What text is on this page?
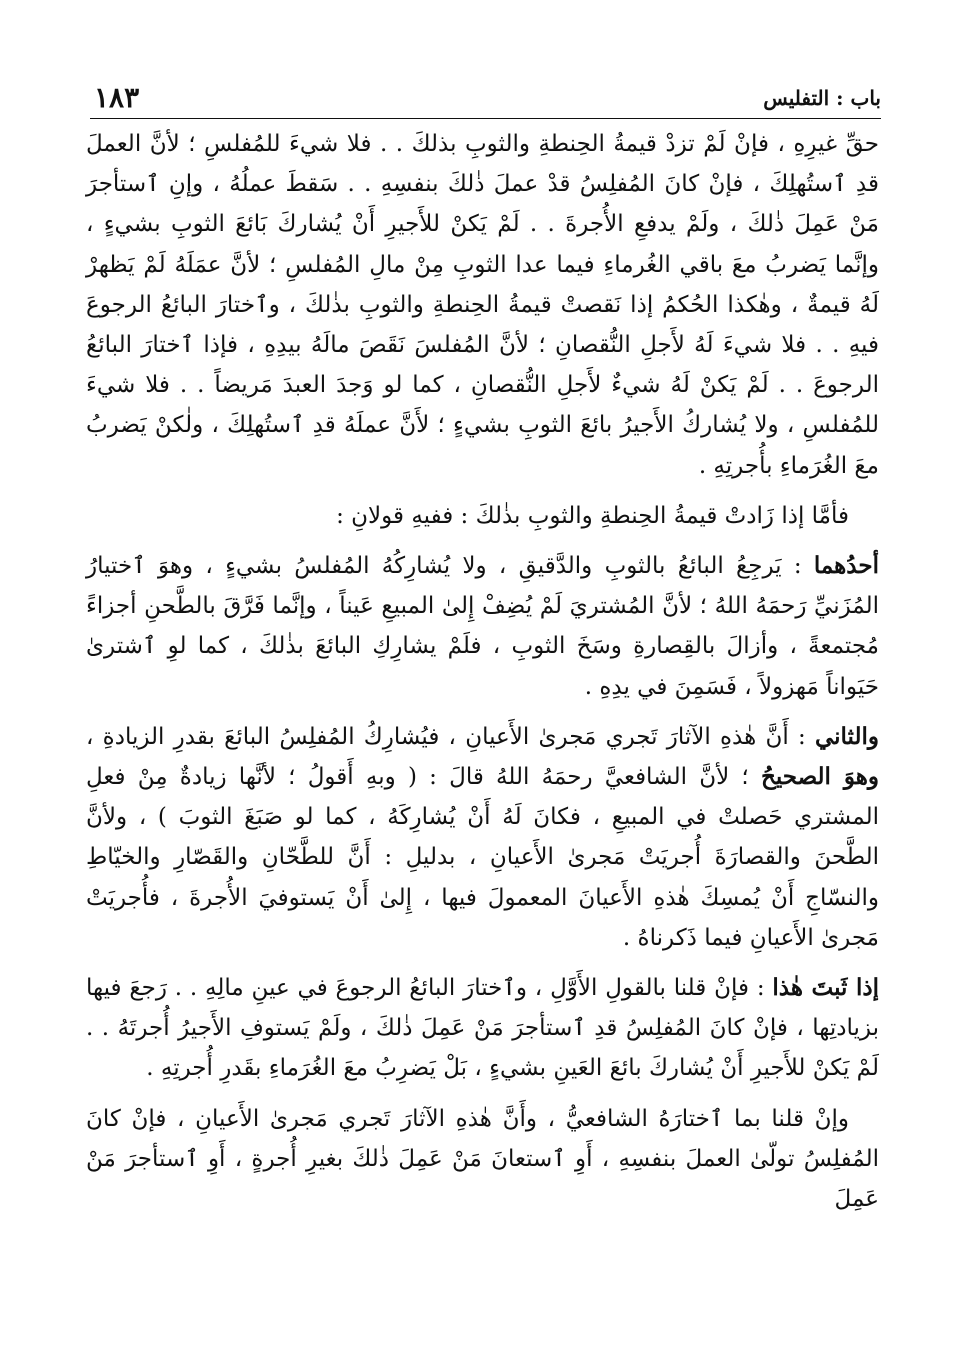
باب : التفليس
١٨٣

حقِّ غيرِهِ ، فإنْ لَمْ تزدْ قيمةُ الحِنطةِ والثوبِ بذلكَ . . فلا شيءَ للمُفلسِ ؛ لأنَّ العملَ قدِ ٱستُهلِكَ ، فإنْ كانَ المُفلِسُ قدْ عملَ ذٰلكَ بنفسِهِ . . سَقطَ عملُهُ ، وإنِ ٱستأجرَ مَنْ عَمِلَ ذٰلكَ ، ولَمْ يدفعِ الأُجرةَ . . لَمْ يَكنْ للأَجيرِ أَنْ يُشاركَ بَائعَ الثوبِ بشيءٍ ، وإنَّما يَضربُ معَ باقي الغُرماءِ فيما عدا الثوبِ مِنْ مالِ المُفلسِ ؛ لأنَّ عمَلَهُ لَمْ يَظهرْ لَهُ قيمةٌ ، وهٰكذا الحُكمُ إذا نَقصتْ قيمةُ الحِنطةِ والثوبِ بذٰلكَ ، وٱختارَ البائعُ الرجوعَ فيهِ . . فلا شيءَ لَهُ لأَجلِ النُّقصانِ ؛ لأنَّ المُفلسَ نَقَصَ مالَهُ بيدِهِ ، فإذا ٱختارَ البائعُ الرجوعَ . . لَمْ يَكنْ لَهُ شيءٌ لأَجلِ النُّقصانِ ، كما لو وَجدَ العبدَ مَريضاً . . فلا شيءَ للمُفلسِ ، ولا يُشاركُ الأَجيرُ بائعَ الثوبِ بشيءٍ ؛ لأَنَّ عملَهُ قدِ ٱستُهلِكَ ، ولٰكنْ يَضربُ معَ الغُرَماءِ بأُجرتِهِ .

فأمَّا إذا زَادتْ قيمةُ الحِنطةِ والثوبِ بذٰلكَ : ففيهِ قولانِ :

أحدُهما : يَرجِعُ البائعُ بالثوبِ والدَّقيقِ ، ولا يُشارِكُهُ المُفلسُ بشيءٍ ، وهوَ ٱختيارُ المُزَنيِّ رَحمَهُ اللهُ ؛ لأنَّ المُشتريَ لَمْ يُضِفْ إِلىٰ المبيعِ عَيناً ، وإنَّما فَرَّقَ بالطَّحنِ أجزاءً مُجتمعةً ، وأزالَ بالقِصارةِ وسَخَ الثوبِ ، فلَمْ يشارِكِ البائعَ بذٰلكَ ، كما لوِ ٱشترىٰ حَيَواناً مَهزولاً ، فَسَمِنَ في يدِهِ .

والثاني : أَنَّ هٰذهِ الآثارَ تَجري مَجرىٰ الأَعيانِ ، فيُشارِكُ المُفلِسُ البائعَ بقدرِ الزيادةِ ، وهوَ الصحيحُ ؛ لأنَّ الشافعيَّ رحمَهُ اللهُ قالَ : ( وبهِ أَقولُ ؛ لأنَّها زيادةٌ مِنْ فعلِ المشتري حَصلتْ في المبيعِ ، فكانَ لَهُ أَنْ يُشارِكَهُ ، كما لو صَبَغَ الثوبَ ) ، ولأنَّ الطَّحنَ والقصارَةَ أُجريَتْ مَجرىٰ الأَعيانِ ، بدليلِ : أَنَّ للطَّحّانِ والقَصّارِ والخيّاطِ والنسّاجِ أَنْ يُمسِكَ هٰذهِ الأَعيانَ المعمولَ فيها ، إِلىٰ أَنْ يَستوفيَ الأُجرةَ ، فأُجريَتْ مَجرىٰ الأَعيانِ فيما ذَكرناهُ .

إذا ثَبتَ هٰذا : فإنْ قلنا بالقولِ الأَوَّلِ ، وٱختارَ البائعُ الرجوعَ في عينِ مالِهِ . . رَجعَ فيها بزيادتِها ، فإنْ كانَ المُفلِسُ قدِ ٱستأجرَ مَنْ عَمِلَ ذٰلكَ ، ولَمْ يَستوفِ الأَجيرُ أُجرتَهُ . . لَمْ يَكنْ للأَجيرِ أَنْ يُشاركَ بائعَ العَينِ بشيءٍ ، بَلْ يَضرِبُ معَ الغُرَماءِ بقَدرِ أُجرتِهِ .

وإنْ قلنا بما ٱختارَهُ الشافعيُّ ، وأَنَّ هٰذهِ الآثارَ تَجري مَجرىٰ الأَعيانِ ، فإنْ كانَ المُفلِسُ تولّىٰ العملَ بنفسِهِ ، أَوِ ٱستعانَ مَنْ عَمِلَ ذٰلكَ بغيرِ أُجرةٍ ، أَوِ ٱستأجرَ مَنْ عَمِلَ
